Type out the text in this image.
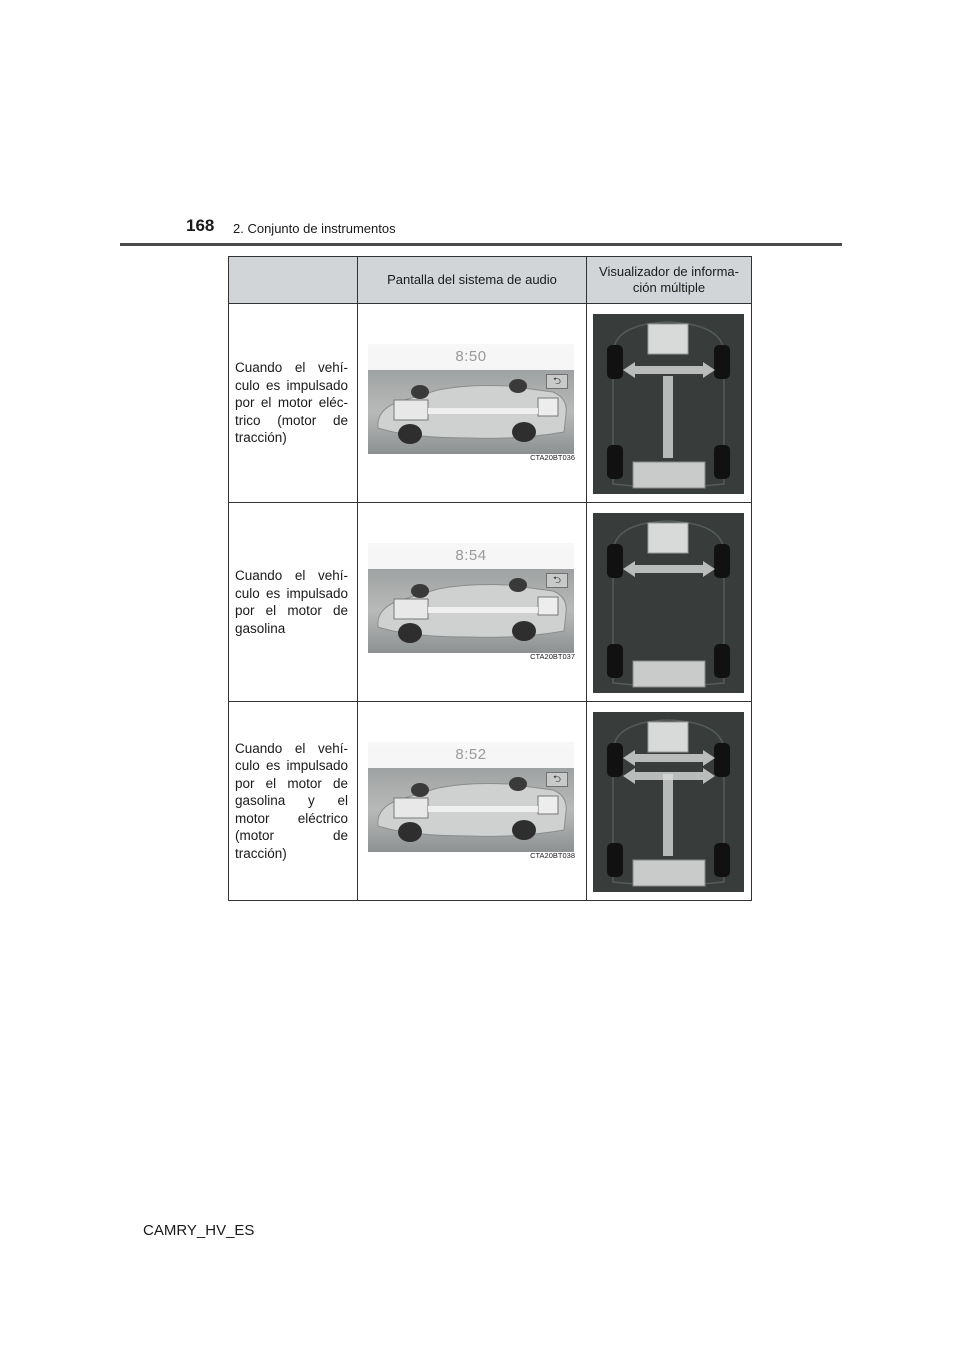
168 2. Conjunto de instrumentos
	Pantalla del sistema de audio	Visualizador de informa-
ción múltiple

Cuando el vehí- culo es impulsado por el motor eléc- trico (motor de tracción)	8:50
⮌
CTA20BT036

Cuando el vehí- culo es impulsado por el motor de gasolina	8:54
⮌
CTA20BT037

Cuando el vehí- culo es impulsado por el motor de gasolina y el motor eléctrico (motor de tracción)	8:52
⮌
CTA20BT038

CAMRY_HV_ES
